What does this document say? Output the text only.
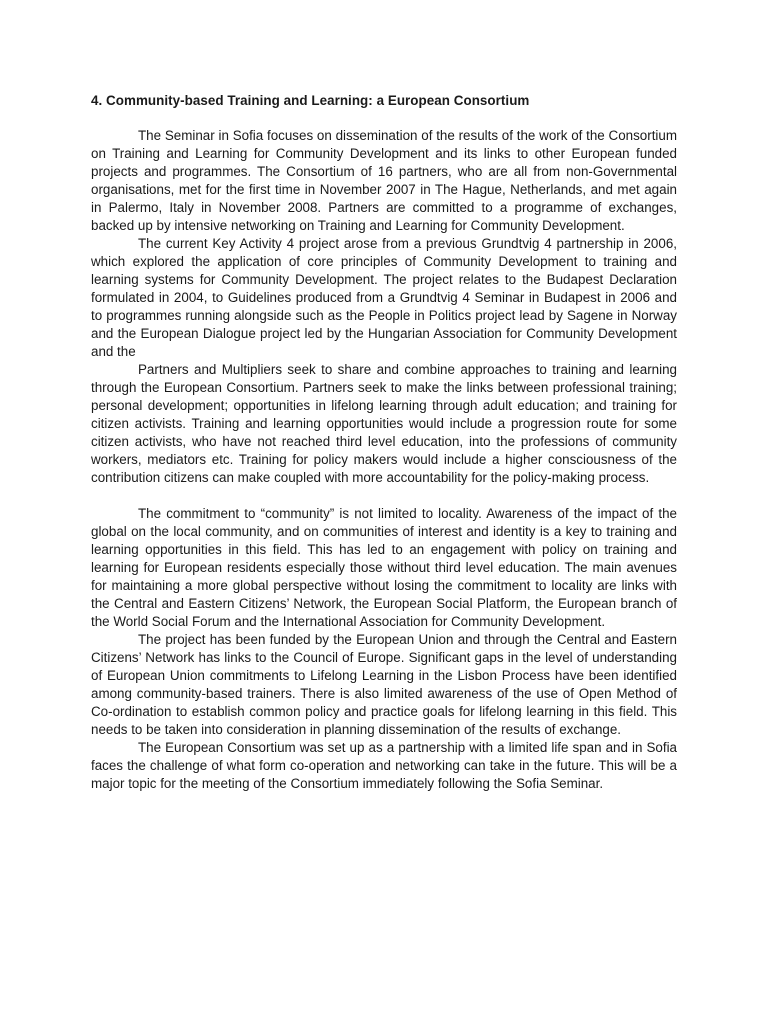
4. Community-based Training and Learning: a European Consortium

The Seminar in Sofia focuses on dissemination of the results of the work of the Consortium on Training and Learning for Community Development and its links to other European funded projects and programmes. The Consortium of 16 partners, who are all from non-Governmental organisations, met for the first time in November 2007 in The Hague, Netherlands, and met again in Palermo, Italy in November 2008. Partners are committed to a programme of exchanges, backed up by intensive networking on Training and Learning for Community Development.

The current Key Activity 4 project arose from a previous Grundtvig 4 partnership in 2006, which explored the application of core principles of Community Development to training and learning systems for Community Development. The project relates to the Budapest Declaration formulated in 2004, to Guidelines produced from a Grundtvig 4 Seminar in Budapest in 2006 and to programmes running alongside such as the People in Politics project lead by Sagene in Norway and the European Dialogue project led by the Hungarian Association for Community Development and the

Partners and Multipliers seek to share and combine approaches to training and learning through the European Consortium. Partners seek to make the links between professional training; personal development; opportunities in lifelong learning through adult education; and training for citizen activists. Training and learning opportunities would include a progression route for some citizen activists, who have not reached third level education, into the professions of community workers, mediators etc. Training for policy makers would include a higher consciousness of the contribution citizens can make coupled with more accountability for the policy-making process.

The commitment to “community” is not limited to locality. Awareness of the impact of the global on the local community, and on communities of interest and identity is a key to training and learning opportunities in this field. This has led to an engagement with policy on training and learning for European residents especially those without third level education. The main avenues for maintaining a more global perspective without losing the commitment to locality are links with the Central and Eastern Citizens’ Network, the European Social Platform, the European branch of the World Social Forum and the International Association for Community Development.

The project has been funded by the European Union and through the Central and Eastern Citizens’ Network has links to the Council of Europe. Significant gaps in the level of understanding of European Union commitments to Lifelong Learning in the Lisbon Process have been identified among community-based trainers. There is also limited awareness of the use of Open Method of Co-ordination to establish common policy and practice goals for lifelong learning in this field. This needs to be taken into consideration in planning dissemination of the results of exchange.

The European Consortium was set up as a partnership with a limited life span and in Sofia faces the challenge of what form co-operation and networking can take in the future. This will be a major topic for the meeting of the Consortium immediately following the Sofia Seminar.
